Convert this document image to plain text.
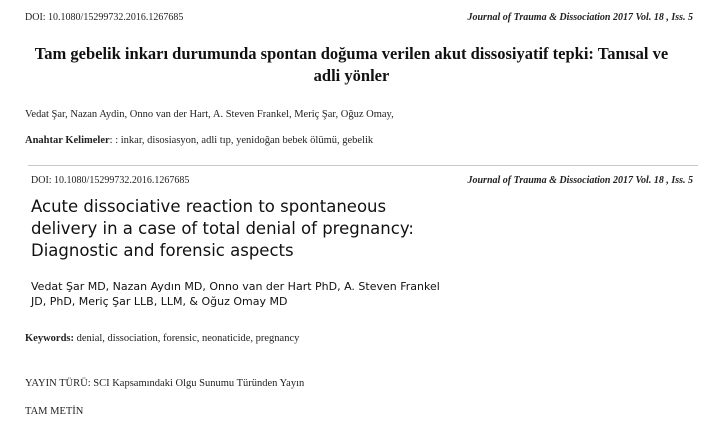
DOI: 10.1080/15299732.2016.1267685	Journal of Trauma & Dissociation 2017 Vol. 18 , Iss. 5
Tam gebelik inkarı durumunda spontan doğuma verilen akut dissosiyatif tepki: Tanısal ve
adli yönler
Vedat Şar, Nazan Aydin, Onno van der Hart, A. Steven Frankel, Meriç Şar, Oğuz Omay,
Anahtar Kelimeler: : inkar, disosiasyon, adli tıp, yenidoğan bebek ölümü, gebelik
DOI: 10.1080/15299732.2016.1267685	Journal of Trauma & Dissociation 2017 Vol. 18 , Iss. 5
Acute dissociative reaction to spontaneous
delivery in a case of total denial of pregnancy:
Diagnostic and forensic aspects
Vedat Şar MD, Nazan Aydın MD, Onno van der Hart PhD, A. Steven Frankel
JD, PhD, Meriç Şar LLB, LLM, & Oğuz Omay MD
Keywords: denial, dissociation, forensic, neonaticide, pregnancy
YAYIN TÜRÜ: SCI Kapsamındaki Olgu Sunumu Türünden Yayın
TAM METİN
